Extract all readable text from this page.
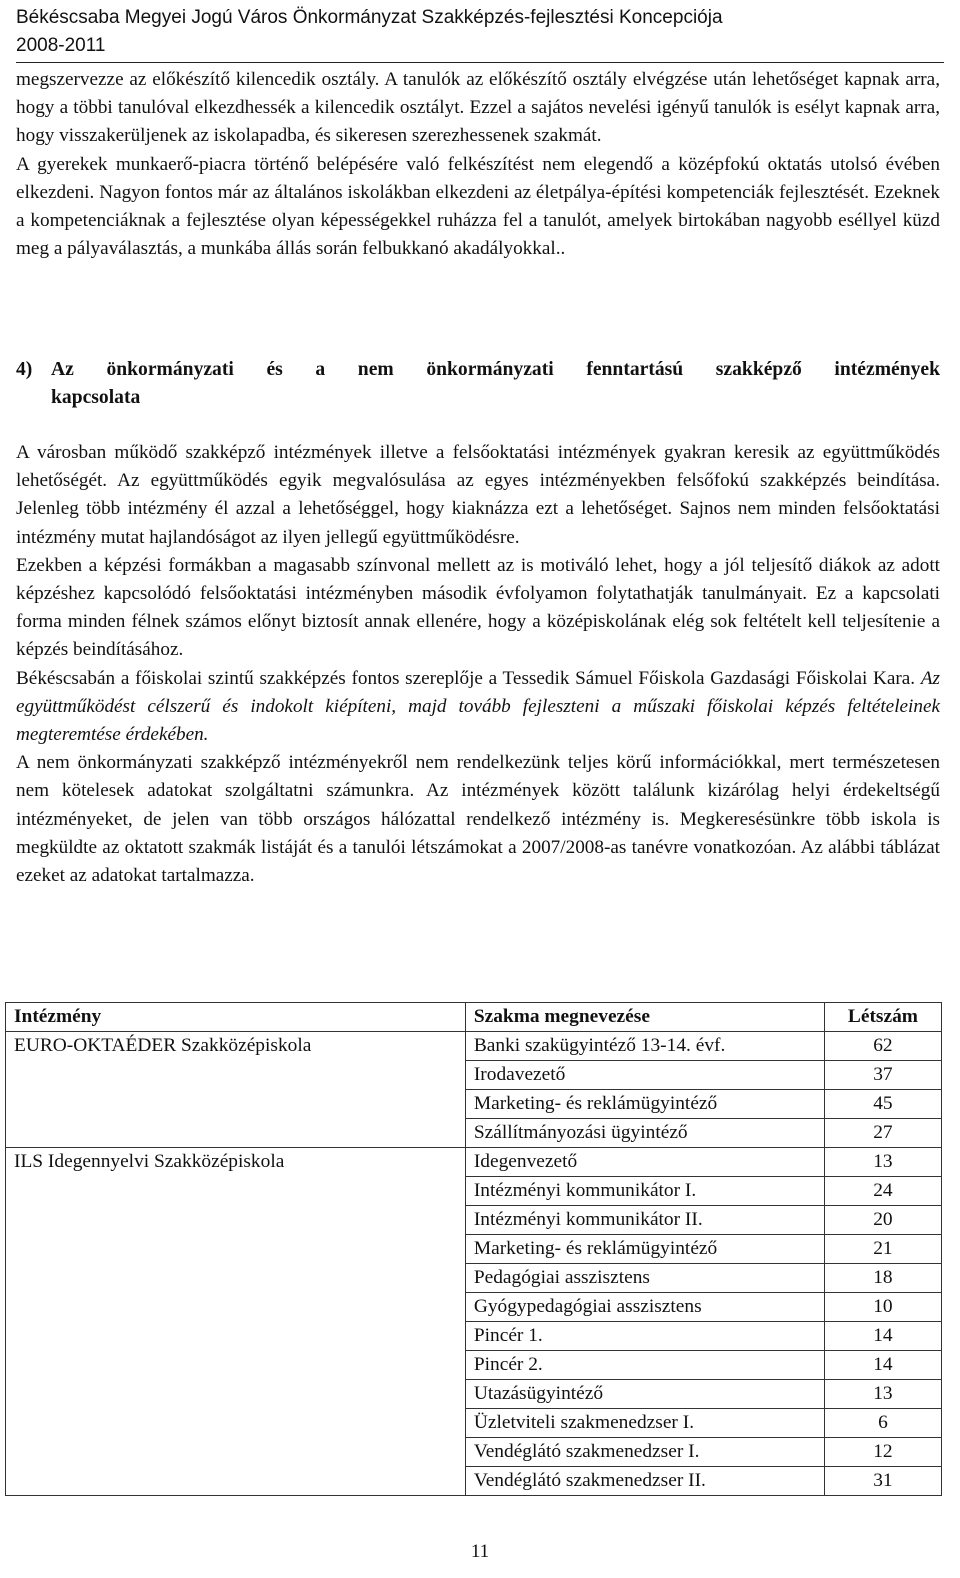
Békéscsaba Megyei Jogú Város Önkormányzat Szakképzés-fejlesztési Koncepciója
2008-2011

megszervezze az előkészítő kilencedik osztály. A tanulók az előkészítő osztály elvégzése után lehetőséget kapnak arra, hogy a többi tanulóval elkezdhessék a kilencedik osztályt. Ezzel a sajátos nevelési igényű tanulók is esélyt kapnak arra, hogy visszakerüljenek az iskolapadba, és sikeresen szerezhessenek szakmát.

A gyerekek munkaerő-piacra történő belépésére való felkészítést nem elegendő a középfokú oktatás utolsó évében elkezdeni. Nagyon fontos már az általános iskolákban elkezdeni az életpálya-építési kompetenciák fejlesztését. Ezeknek a kompetenciáknak a fejlesztése olyan képességekkel ruházza fel a tanulót, amelyek birtokában nagyobb eséllyel küzd meg a pályaválasztás, a munkába állás során felbukkanó akadályokkal..

4) Az önkormányzati és a nem önkormányzati fenntartású szakképző intézmények
kapcsolata

A városban működő szakképző intézmények illetve a felsőoktatási intézmények gyakran keresik az együttműködés lehetőségét. Az együttműködés egyik megvalósulása az egyes intézményekben felsőfokú szakképzés beindítása. Jelenleg több intézmény él azzal a lehetőséggel, hogy kiaknázza ezt a lehetőséget. Sajnos nem minden felsőoktatási intézmény mutat hajlandóságot az ilyen jellegű együttműködésre.

Ezekben a képzési formákban a magasabb színvonal mellett az is motiváló lehet, hogy a jól teljesítő diákok az adott képzéshez kapcsolódó felsőoktatási intézményben második évfolyamon folytathatják tanulmányait. Ez a kapcsolati forma minden félnek számos előnyt biztosít annak ellenére, hogy a középiskolának elég sok feltételt kell teljesítenie a képzés beindításához.

Békéscsabán a főiskolai szintű szakképzés fontos szereplője a Tessedik Sámuel Főiskola Gazdasági Főiskolai Kara. Az együttműködést célszerű és indokolt kiépíteni, majd tovább fejleszteni a műszaki főiskolai képzés feltételeinek megteremtése érdekében.

A nem önkormányzati szakképző intézményekről nem rendelkezünk teljes körű információkkal, mert természetesen nem kötelesek adatokat szolgáltatni számunkra. Az intézmények között találunk kizárólag helyi érdekeltségű intézményeket, de jelen van több országos hálózattal rendelkező intézmény is. Megkeresésünkre több iskola is megküldte az oktatott szakmák listáját és a tanulói létszámokat a 2007/2008-as tanévre vonatkozóan. Az alábbi táblázat ezeket az adatokat tartalmazza.

Intézmény	Szakma megnevezése	Létszám
EURO-OKTAÉDER Szakközépiskola	Banki szakügyintéző 13-14. évf.	62
	Irodavezető	37
	Marketing- és reklámügyintéző	45
	Szállítmányozási ügyintéző	27
ILS Idegennyelvi Szakközépiskola	Idegenvezető	13
	Intézményi kommunikátor I.	24
	Intézményi kommunikátor II.	20
	Marketing- és reklámügyintéző	21
	Pedagógiai asszisztens	18
	Gyógypedagógiai asszisztens	10
	Pincér 1.	14
	Pincér 2.	14
	Utazásügyintéző	13
	Üzletviteli szakmenedzser I.	6
	Vendéglátó szakmenedzser I.	12
	Vendéglátó szakmenedzser II.	31
11
